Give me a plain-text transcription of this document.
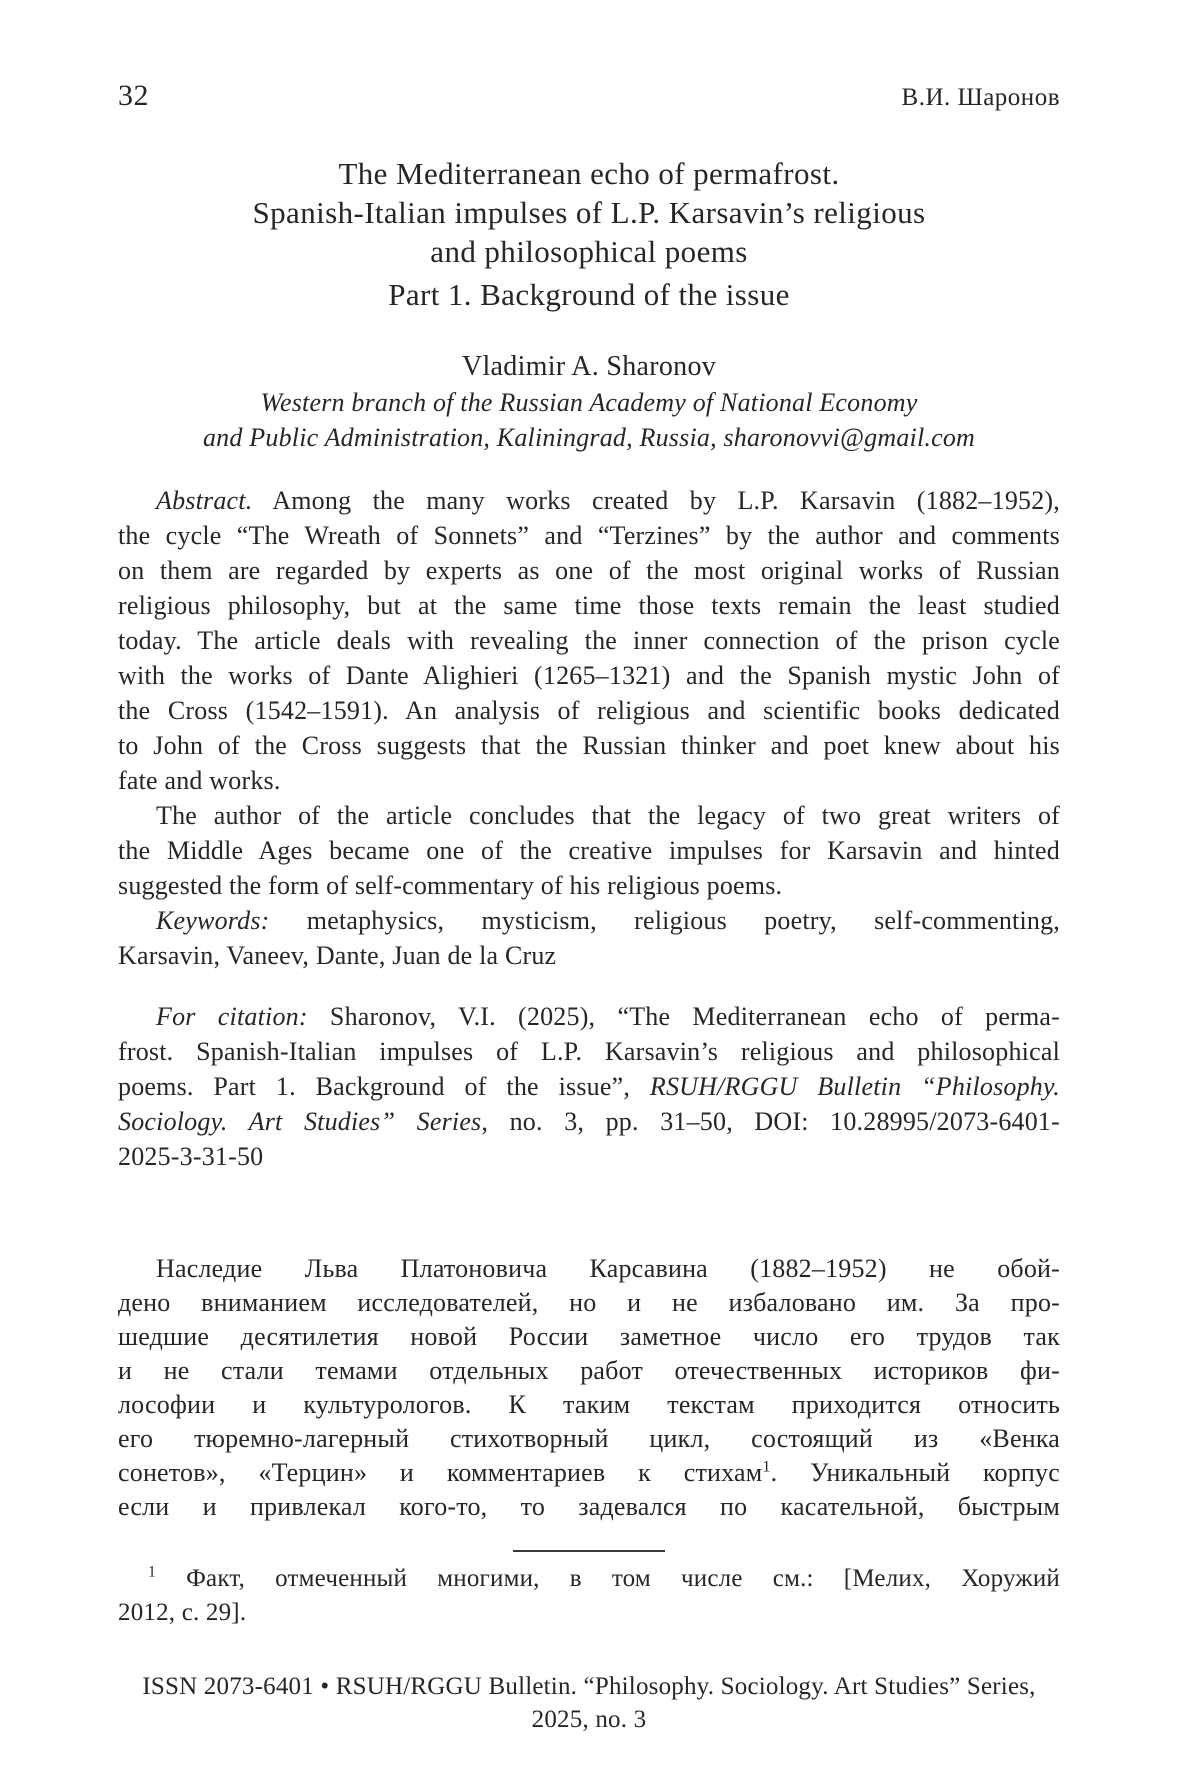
32	В.И. Шаронов
The Mediterranean echo of permafrost.
Spanish-Italian impulses of L.P. Karsavin’s religious
and philosophical poems
Part 1. Background of the issue
Vladimir A. Sharonov
Western branch of the Russian Academy of National Economy
and Public Administration, Kaliningrad, Russia, sharonovvi@gmail.com
Abstract. Among the many works created by L.P. Karsavin (1882–1952),
the cycle “The Wreath of Sonnets” and “Terzines” by the author and comments
on them are regarded by experts as one of the most original works of Russian
religious philosophy, but at the same time those texts remain the least studied
today. The article deals with revealing the inner connection of the prison cycle
with the works of Dante Alighieri (1265–1321) and the Spanish mystic John of
the Cross (1542–1591). An analysis of religious and scientific books dedicated
to John of the Cross suggests that the Russian thinker and poet knew about his
fate and works.
The author of the article concludes that the legacy of two great writers of
the Middle Ages became one of the creative impulses for Karsavin and hinted
suggested the form of self-commentary of his religious poems.
Keywords: metaphysics, mysticism, religious poetry, self-commenting,
Karsavin, Vaneev, Dante, Juan de la Cruz
For citation: Sharonov, V.I. (2025), “The Mediterranean echo of perma-
frost. Spanish-Italian impulses of L.P. Karsavin’s religious and philosophical
poems. Part 1. Background of the issue”, RSUH/RGGU Bulletin “Philosophy.
Sociology. Art Studies” Series, no. 3, pp. 31–50, DOI: 10.28995/2073-6401-
2025-3-31-50
Наследие Льва Платоновича Карсавина (1882–1952) не обой-
дено вниманием исследователей, но и не избаловано им. За про-
шедшие десятилетия новой России заметное число его трудов так
и не стали темами отдельных работ отечественных историков фи-
лософии и культурологов. К таким текстам приходится относить
его тюремно-лагерный стихотворный цикл, состоящий из «Венка
сонетов», «Терцин» и комментариев к стихам$^1$. Уникальный корпус
если и привлекал кого-то, то задевался по касательной, быстрым
$^1$ Факт, отмеченный многими, в том числе см.: [Мелих, Хоружий
2012, с. 29].
ISSN 2073-6401 • RSUH/RGGU Bulletin. “Philosophy. Sociology. Art Studies” Series,
2025, no. 3
